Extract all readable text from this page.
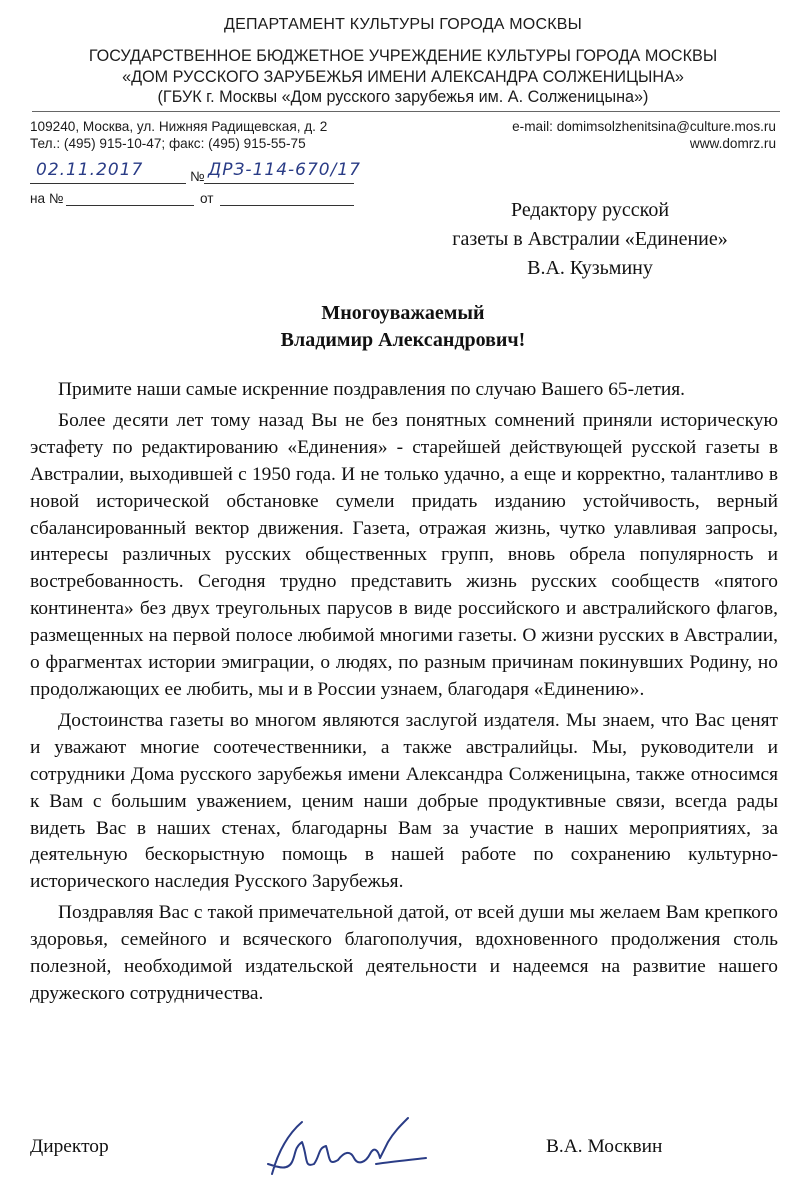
ДЕПАРТАМЕНТ КУЛЬТУРЫ ГОРОДА МОСКВЫ
ГОСУДАРСТВЕННОЕ БЮДЖЕТНОЕ УЧРЕЖДЕНИЕ КУЛЬТУРЫ ГОРОДА МОСКВЫ
«ДОМ РУССКОГО ЗАРУБЕЖЬЯ ИМЕНИ АЛЕКСАНДРА СОЛЖЕНИЦЫНА»
(ГБУК г. Москвы «Дом русского зарубежья им. А. Солженицына»)
109240, Москва, ул. Нижняя Радищевская, д. 2
Тел.: (495) 915-10-47; факс: (495) 915-55-75
e-mail: domimsolzhenitsina@culture.mos.ru
www.domrz.ru
02.11.2017	№ ДРЗ-114-670/17
на №	от
Редактору русской
газеты в Австралии «Единение»
В.А. Кузьмину
Многоуважаемый
Владимир Александрович!

Примите наши самые искренние поздравления по случаю Вашего 65-летия.

Более десяти лет тому назад Вы не без понятных сомнений приняли историческую эстафету по редактированию «Единения» - старейшей действующей русской газеты в Австралии, выходившей с 1950 года. И не только удачно, а еще и корректно, талантливо в новой исторической обстановке сумели придать изданию устойчивость, верный сбалансированный вектор движения. Газета, отражая жизнь, чутко улавливая запросы, интересы различных русских общественных групп, вновь обрела популярность и востребованность. Сегодня трудно представить жизнь русских сообществ «пятого континента» без двух треугольных парусов в виде российского и австралийского флагов, размещенных на первой полосе любимой многими газеты. О жизни русских в Австралии, о фрагментах истории эмиграции, о людях, по разным причинам покинувших Родину, но продолжающих ее любить, мы и в России узнаем, благодаря «Единению».

Достоинства газеты во многом являются заслугой издателя. Мы знаем, что Вас ценят и уважают многие соотечественники, а также австралийцы. Мы, руководители и сотрудники Дома русского зарубежья имени Александра Солженицына, также относимся к Вам с большим уважением, ценим наши добрые продуктивные связи, всегда рады видеть Вас в наших стенах, благодарны Вам за участие в наших мероприятиях, за деятельную бескорыстную помощь в нашей работе по сохранению культурно-исторического наследия Русского Зарубежья.

Поздравляя Вас с такой примечательной датой, от всей души мы желаем Вам крепкого здоровья, семейного и всяческого благополучия, вдохновенного продолжения столь полезной, необходимой издательской деятельности и надеемся на развитие нашего дружеского сотрудничества.

Директор	В.А. Москвин
